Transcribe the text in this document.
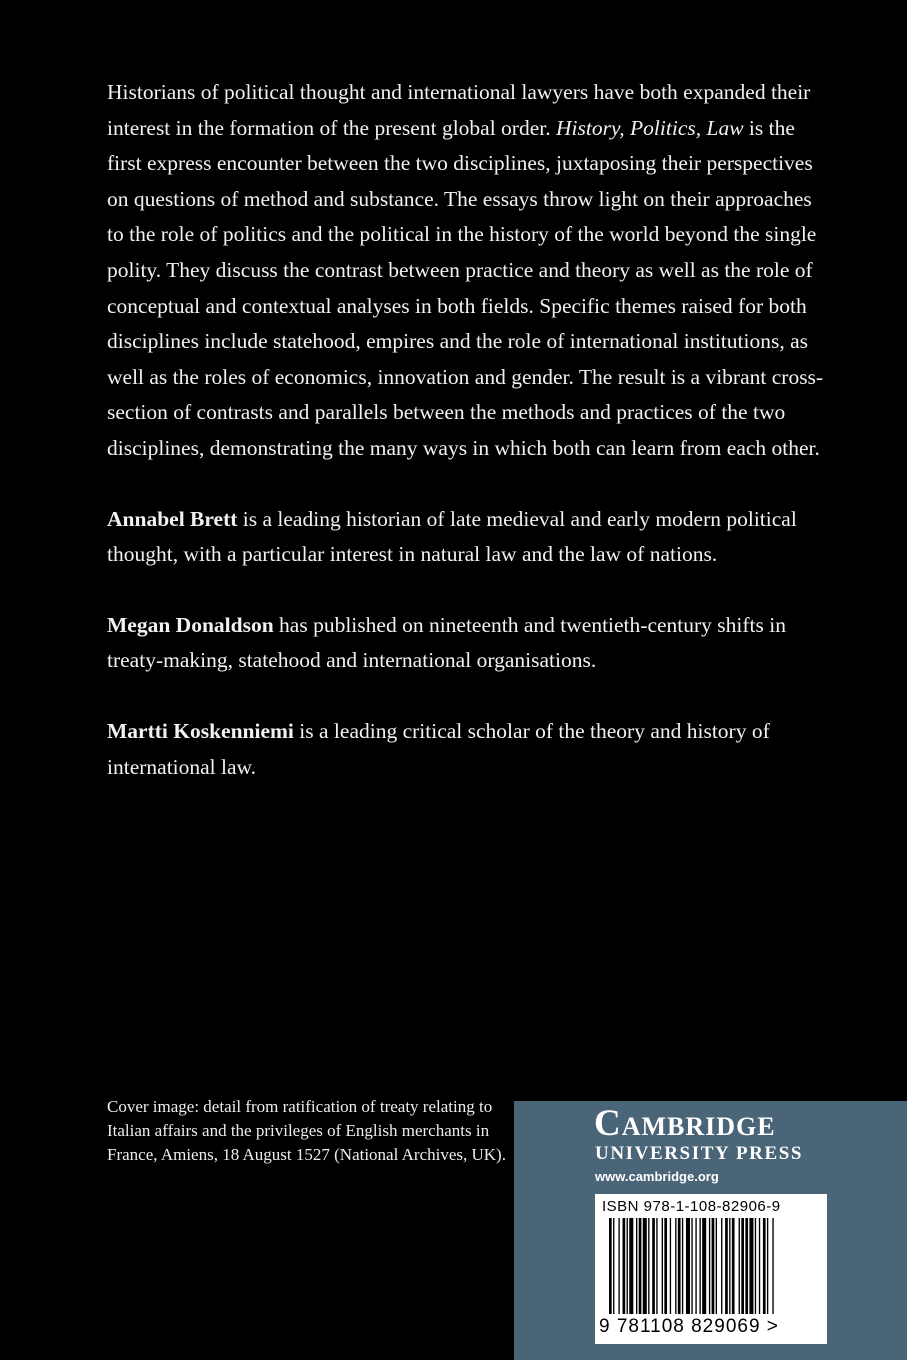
Historians of political thought and international lawyers have both expanded their interest in the formation of the present global order. History, Politics, Law is the first express encounter between the two disciplines, juxtaposing their perspectives on questions of method and substance. The essays throw light on their approaches to the role of politics and the political in the history of the world beyond the single polity. They discuss the contrast between practice and theory as well as the role of conceptual and contextual analyses in both fields. Specific themes raised for both disciplines include statehood, empires and the role of international institutions, as well as the roles of economics, innovation and gender. The result is a vibrant cross-section of contrasts and parallels between the methods and practices of the two disciplines, demonstrating the many ways in which both can learn from each other.

Annabel Brett is a leading historian of late medieval and early modern political thought, with a particular interest in natural law and the law of nations.

Megan Donaldson has published on nineteenth and twentieth-century shifts in treaty-making, statehood and international organisations.

Martti Koskenniemi is a leading critical scholar of the theory and history of international law.

Cover image: detail from ratification of treaty relating to Italian affairs and the privileges of English merchants in France, Amiens, 18 August 1527 (National Archives, UK).
Cambridge
UNIVERSITY PRESS
www.cambridge.org
ISBN 978-1-108-82906-9
9 781108 829069 >
